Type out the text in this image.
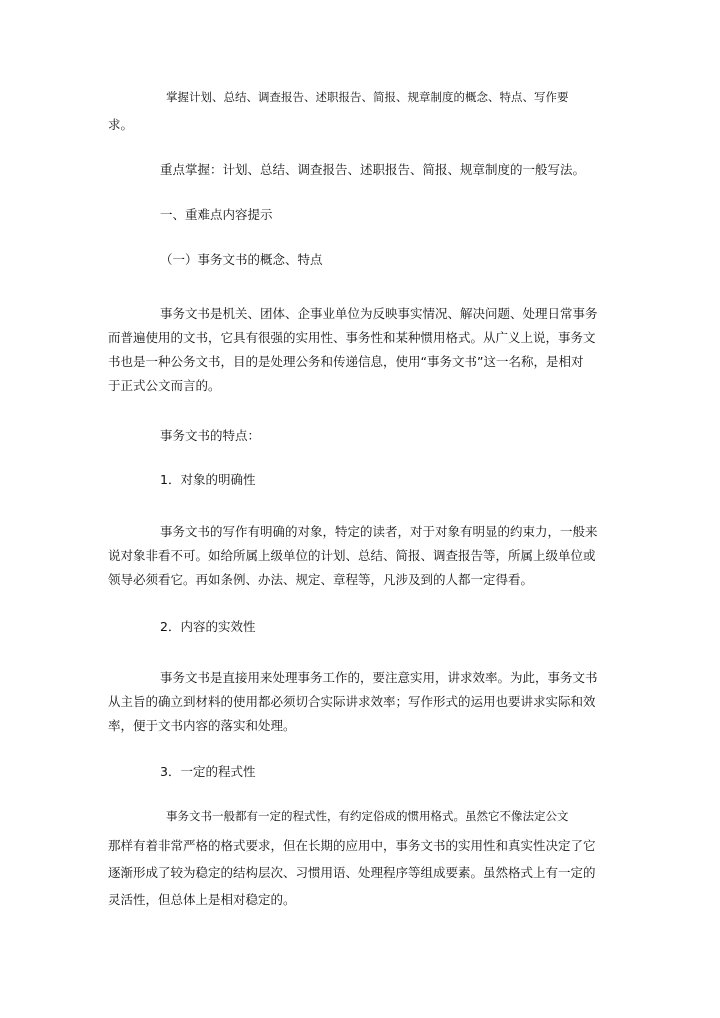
掌握计划、总结、调查报告、述职报告、简报、规章制度的概念、特点、写作要
求。
重点掌握：计划、总结、调查报告、述职报告、简报、规章制度的一般写法。
一、重难点内容提示
（一）事务文书的概念、特点
事务文书是机关、团体、企事业单位为反映事实情况、解决问题、处理日常事务
而普遍使用的文书，它具有很强的实用性、事务性和某种惯用格式。从广义上说，事务文
书也是一种公务文书，目的是处理公务和传递信息，使用“事务文书”这一名称，是相对
于正式公文而言的。
事务文书的特点：
1．对象的明确性
事务文书的写作有明确的对象，特定的读者，对于对象有明显的约束力，一般来
说对象非看不可。如给所属上级单位的计划、总结、简报、调查报告等，所属上级单位或
领导必须看它。再如条例、办法、规定、章程等，凡涉及到的人都一定得看。
2．内容的实效性
事务文书是直接用来处理事务工作的，要注意实用，讲求效率。为此，事务文书
从主旨的确立到材料的使用都必须切合实际讲求效率；写作形式的运用也要讲求实际和效
率，便于文书内容的落实和处理。
3．一定的程式性
事务文书一般都有一定的程式性，有约定俗成的惯用格式。虽然它不像法定公文
那样有着非常严格的格式要求，但在长期的应用中，事务文书的实用性和真实性决定了它
逐渐形成了较为稳定的结构层次、习惯用语、处理程序等组成要素。虽然格式上有一定的
灵活性，但总体上是相对稳定的。
